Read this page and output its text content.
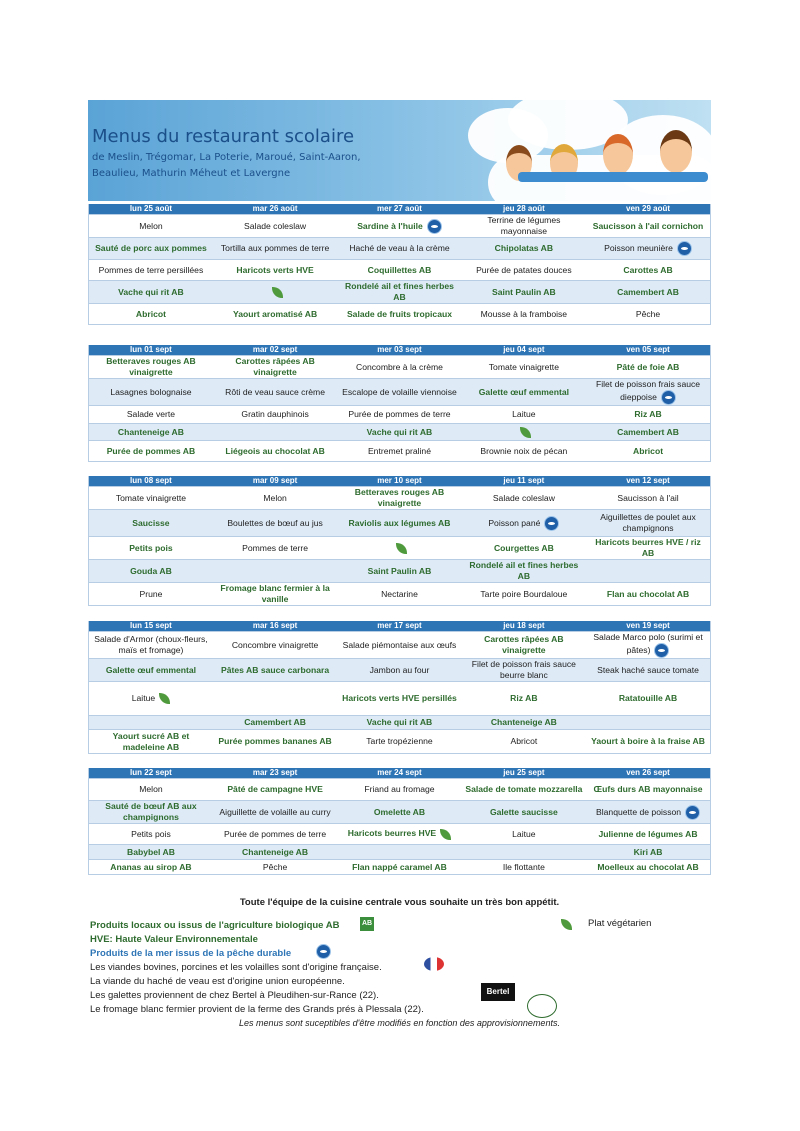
Menus du restaurant scolaire
de Meslin, Trégomar, La Poterie, Maroué, Saint-Aaron, Beaulieu, Mathurin Méheut et Lavergne
lun 25 août	mar 26 août	mer 27 août	jeu 28 août	ven 29 août
Melon	Salade coleslaw	Sardine à l'huile	Terrine de légumes mayonnaise	Saucisson à l'ail cornichon
Sauté de porc aux pommes	Tortilla aux pommes de terre	Haché de veau à la crème	Chipolatas AB	Poisson meunière
Pommes de terre persillées	Haricots verts HVE	Coquillettes AB	Purée de patates douces	Carottes AB
Vache qui rit AB		Rondelé ail et fines herbes AB	Saint Paulin AB	Camembert AB
Abricot	Yaourt aromatisé AB	Salade de fruits tropicaux	Mousse à la framboise	Pêche
lun 01 sept	mar 02 sept	mer 03 sept	jeu 04 sept	ven 05 sept
Betteraves rouges AB vinaigrette	Carottes râpées AB vinaigrette	Concombre à la crème	Tomate vinaigrette	Pâté de foie AB
Lasagnes bolognaise	Rôti de veau sauce crème	Escalope de volaille viennoise	Galette œuf emmental	Filet de poisson frais sauce dieppoise
Salade verte	Gratin dauphinois	Purée de pommes de terre	Laitue	Riz AB
Chanteneige AB		Vache qui rit AB		Camembert AB
Purée de pommes AB	Liégeois au chocolat AB	Entremet praliné	Brownie noix de pécan	Abricot
lun 08 sept	mar 09 sept	mer 10 sept	jeu 11 sept	ven 12 sept
Tomate vinaigrette	Melon	Betteraves rouges AB vinaigrette	Salade coleslaw	Saucisson à l'ail
Saucisse	Boulettes de bœuf au jus	Raviolis aux légumes AB	Poisson pané	Aiguillettes de poulet aux champignons
Petits pois	Pommes de terre		Courgettes AB	Haricots beurres HVE / riz AB
Gouda AB		Saint Paulin AB	Rondelé ail et fines herbes AB	
Prune	Fromage blanc fermier à la vanille	Nectarine	Tarte poire Bourdaloue	Flan au chocolat AB
lun 15 sept	mar 16 sept	mer 17 sept	jeu 18 sept	ven 19 sept
Salade d'Armor (choux-fleurs, maïs et fromage)	Concombre vinaigrette	Salade piémontaise aux œufs	Carottes râpées AB vinaigrette	Salade Marco polo (surimi et pâtes)
Galette œuf emmental	Pâtes AB sauce carbonara	Jambon au four	Filet de poisson frais sauce beurre blanc	Steak haché sauce tomate
Laitue		Haricots verts HVE persillés	Riz AB	Ratatouille AB
	Camembert AB	Vache qui rit AB	Chanteneige AB	
Yaourt sucré AB et madeleine AB	Purée pommes bananes AB	Tarte tropézienne	Abricot	Yaourt à boire à la fraise AB
lun 22 sept	mar 23 sept	mer 24 sept	jeu 25 sept	ven 26 sept
Melon	Pâté de campagne HVE	Friand au fromage	Salade de tomate mozzarella	Œufs durs AB mayonnaise
Sauté de bœuf AB aux champignons	Aiguillette de volaille au curry	Omelette AB	Galette saucisse	Blanquette de poisson
Petits pois	Purée de pommes de terre	Haricots beurres HVE	Laitue	Julienne de légumes AB
Babybel AB	Chanteneige AB			Kiri AB
Ananas au sirop AB	Pêche	Flan nappé caramel AB	Ile flottante	Moelleux au chocolat AB
Toute l'équipe de la cuisine centrale vous souhaite un très bon appétit.
Produits locaux ou issus de l'agriculture biologique AB	AB	Plat végétarien
HVE: Haute Valeur Environnementale
Produits de la mer issus de la pêche durable
Les viandes bovines, porcines et les volailles sont d'origine française.
La viande du haché de veau est d'origine union européenne.
Les galettes proviennent de chez Bertel à Pleudihen-sur-Rance (22).	Bertel
Le fromage blanc fermier provient de la ferme des Grands prés à Plessala (22).
Les menus sont suceptibles d'être modifiés en fonction des approvisionnements.
